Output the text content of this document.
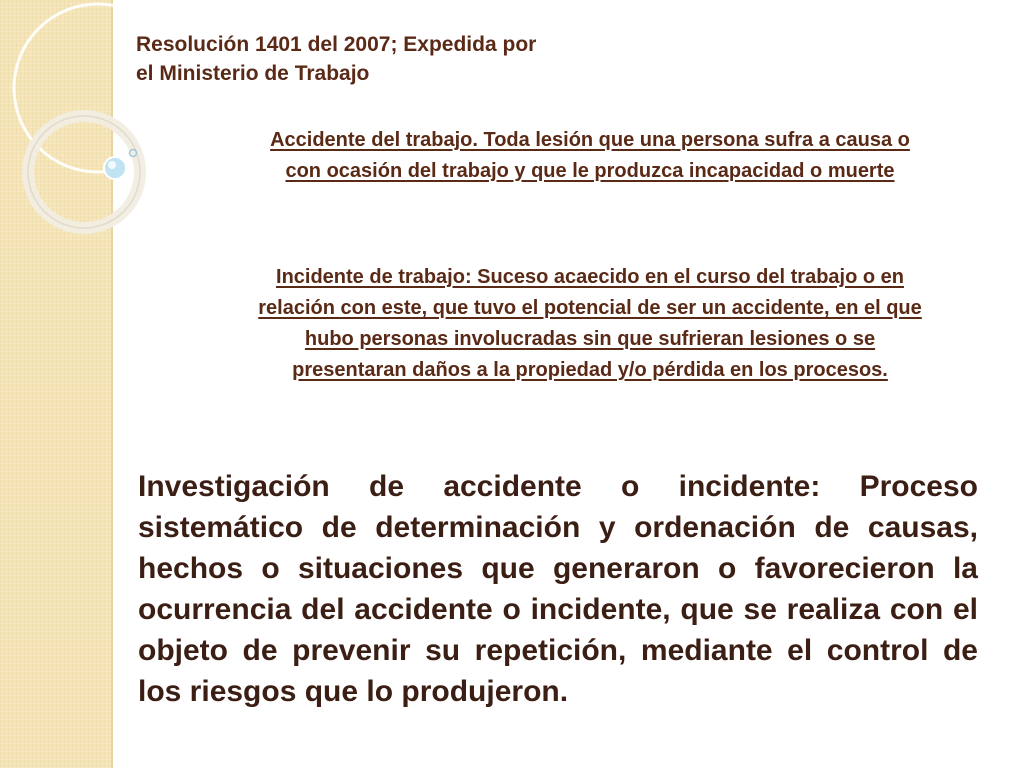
Resolución 1401 del 2007; Expedida por
el Ministerio de Trabajo

Accidente del trabajo. Toda lesión que una persona sufra a causa o con ocasión del trabajo y que le produzca incapacidad o muerte

Incidente de trabajo: Suceso acaecido en el curso del trabajo o en relación con este, que tuvo el potencial de ser un accidente, en el que hubo personas involucradas sin que sufrieran lesiones o se presentaran daños a la propiedad y/o pérdida en los procesos.

Investigación de accidente o incidente: Proceso sistemático de determinación y ordenación de causas, hechos o situaciones que generaron o favorecieron la ocurrencia del accidente o incidente, que se realiza con el objeto de prevenir su repetición, mediante el control de los riesgos que lo produjeron.
